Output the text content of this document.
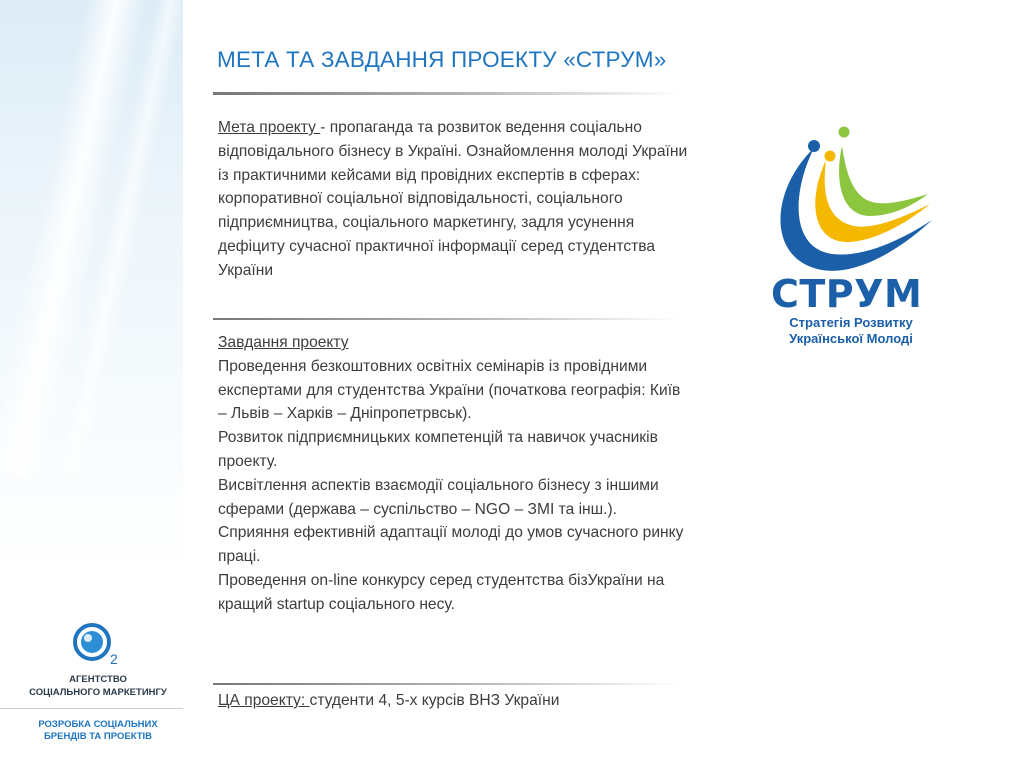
МЕТА ТА ЗАВДАННЯ ПРОЕКТУ «СТРУМ»

Мета проекту - пропаганда та розвиток ведення соціально відповідального бізнесу в Україні. Ознайомлення молоді України із практичними кейсами від провідних експертів в сферах: корпоративної соціальної відповідальності, соціального підприємництва, соціального маркетингу, задля усунення дефіциту сучасної практичної інформації серед студентства України

Завдання проекту

Проведення безкоштовних освітніх семінарів із провідними експертами для студентства України (початкова географія: Київ – Львів – Харків – Дніпропетрвськ).

Розвиток підприємницьких компетенцій та навичок учасників проекту.

Висвітлення аспектів взаємодії соціального бізнесу з іншими сферами (держава – суспільство – NGO – ЗМІ та інш.).

Сприяння ефективній адаптації молоді до умов сучасного ринку праці.

Проведення on-line конкурсу серед студентства бізУкраїни на кращий startup соціального несу.

ЦА проекту: студенти 4, 5-х курсів ВНЗ України

СТРУМ
Стратегія Розвитку
Української Молоді
2
АГЕНТСТВО
СОЦІАЛЬНОГО МАРКЕТИНГУ
РОЗРОБКА СОЦІАЛЬНИХ
БРЕНДІВ ТА ПРОЕКТІВ
